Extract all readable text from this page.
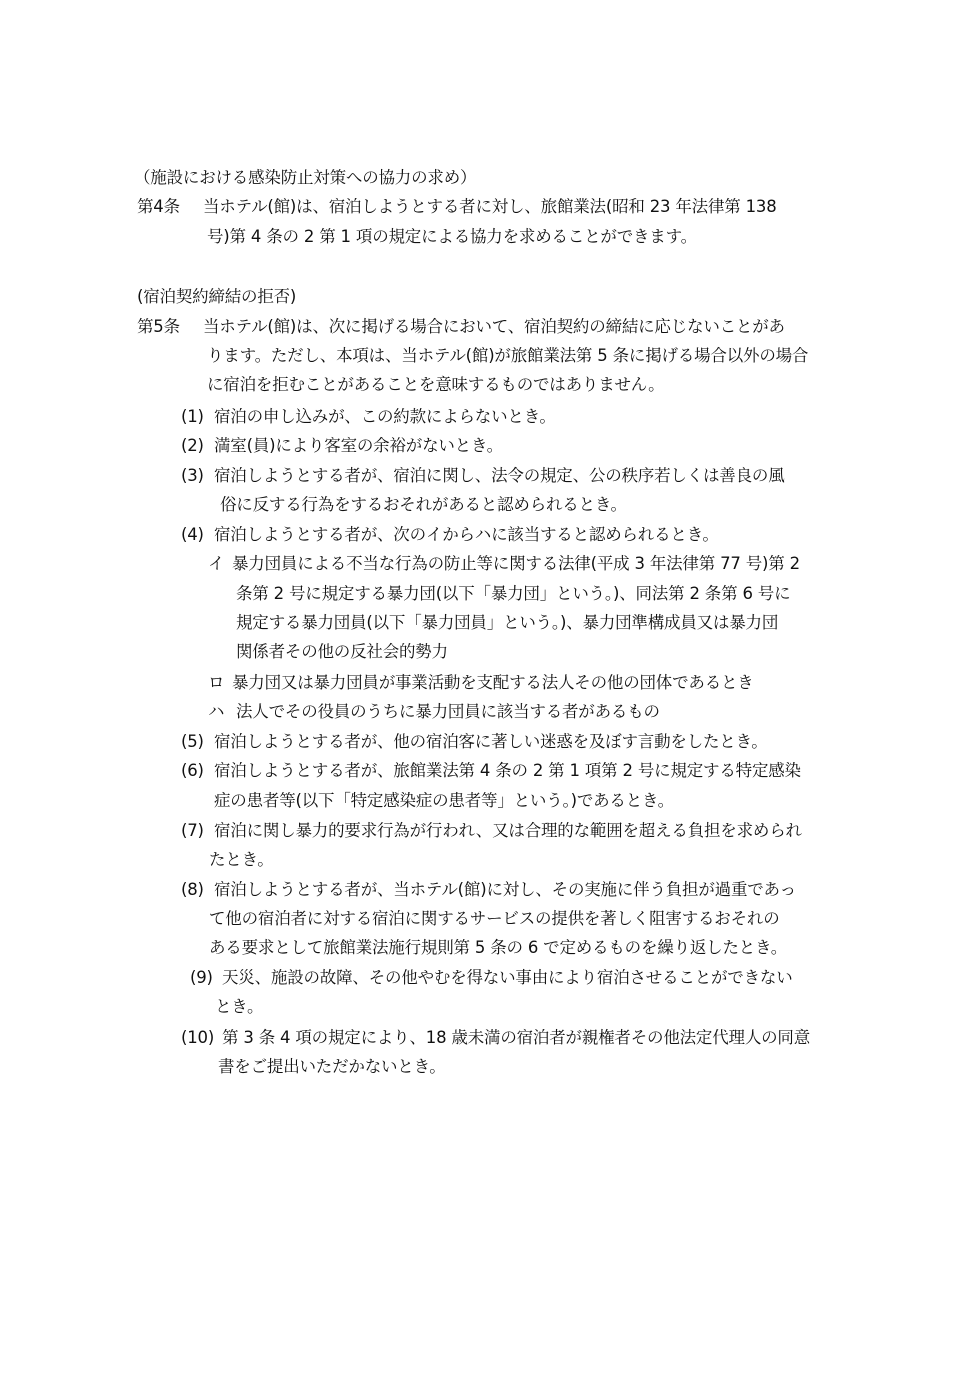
（施設における感染防止対策への協力の求め）
第4条 当ホテル(館)は、宿泊しようとする者に対し、旅館業法(昭和 23 年法律第 138
号)第 4 条の 2 第 1 項の規定による協力を求めることができます。
(宿泊契約締結の拒否)
第5条 当ホテル(館)は、次に掲げる場合において、宿泊契約の締結に応じないことがあ
ります。ただし、本項は、当ホテル(館)が旅館業法第 5 条に掲げる場合以外の場合
に宿泊を拒むことがあることを意味するものではありません。
(1) 宿泊の申し込みが、この約款によらないとき。
(2) 満室(員)により客室の余裕がないとき。
(3) 宿泊しようとする者が、宿泊に関し、法令の規定、公の秩序若しくは善良の風
俗に反する行為をするおそれがあると認められるとき。
(4) 宿泊しようとする者が、次のイからハに該当すると認められるとき。
イ 暴力団員による不当な行為の防止等に関する法律(平成 3 年法律第 77 号)第 2
条第 2 号に規定する暴力団(以下「暴力団」という。)、同法第 2 条第 6 号に
規定する暴力団員(以下「暴力団員」という。)、暴力団準構成員又は暴力団
関係者その他の反社会的勢力
ロ 暴力団又は暴力団員が事業活動を支配する法人その他の団体であるとき
ハ 法人でその役員のうちに暴力団員に該当する者があるもの
(5) 宿泊しようとする者が、他の宿泊客に著しい迷惑を及ぼす言動をしたとき。
(6) 宿泊しようとする者が、旅館業法第 4 条の 2 第 1 項第 2 号に規定する特定感染
症の患者等(以下「特定感染症の患者等」という。)であるとき。
(7) 宿泊に関し暴力的要求行為が行われ、又は合理的な範囲を超える負担を求められ
たとき。
(8) 宿泊しようとする者が、当ホテル(館)に対し、その実施に伴う負担が過重であっ
て他の宿泊者に対する宿泊に関するサービスの提供を著しく阻害するおそれの
ある要求として旅館業法施行規則第 5 条の 6 で定めるものを繰り返したとき。
(9) 天災、施設の故障、その他やむを得ない事由により宿泊させることができない
とき。
(10) 第 3 条 4 項の規定により、18 歳未満の宿泊者が親権者その他法定代理人の同意
書をご提出いただかないとき。
